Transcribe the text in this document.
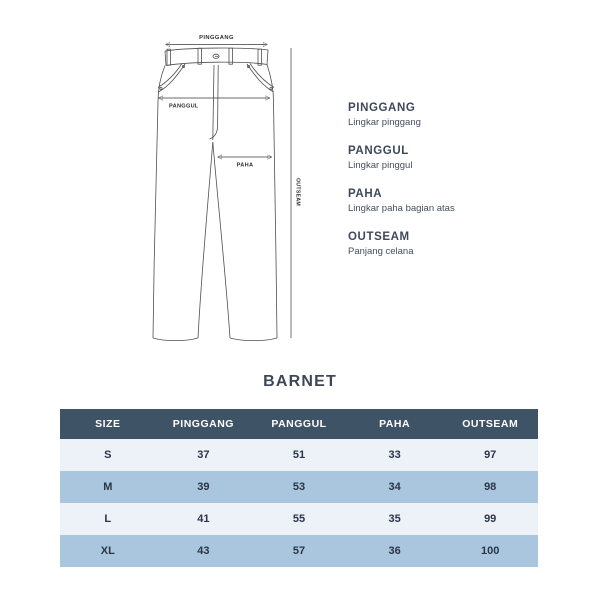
PINGGANG
PANGGUL
PAHA
OUTSEAM
PINGGANG
Lingkar pinggang
PANGGUL
Lingkar pinggul
PAHA
Lingkar paha bagian atas
OUTSEAM
Panjang celana
BARNET
SIZE	PINGGANG	PANGGUL	PAHA	OUTSEAM
S	37	51	33	97
M	39	53	34	98
L	41	55	35	99
XL	43	57	36	100
